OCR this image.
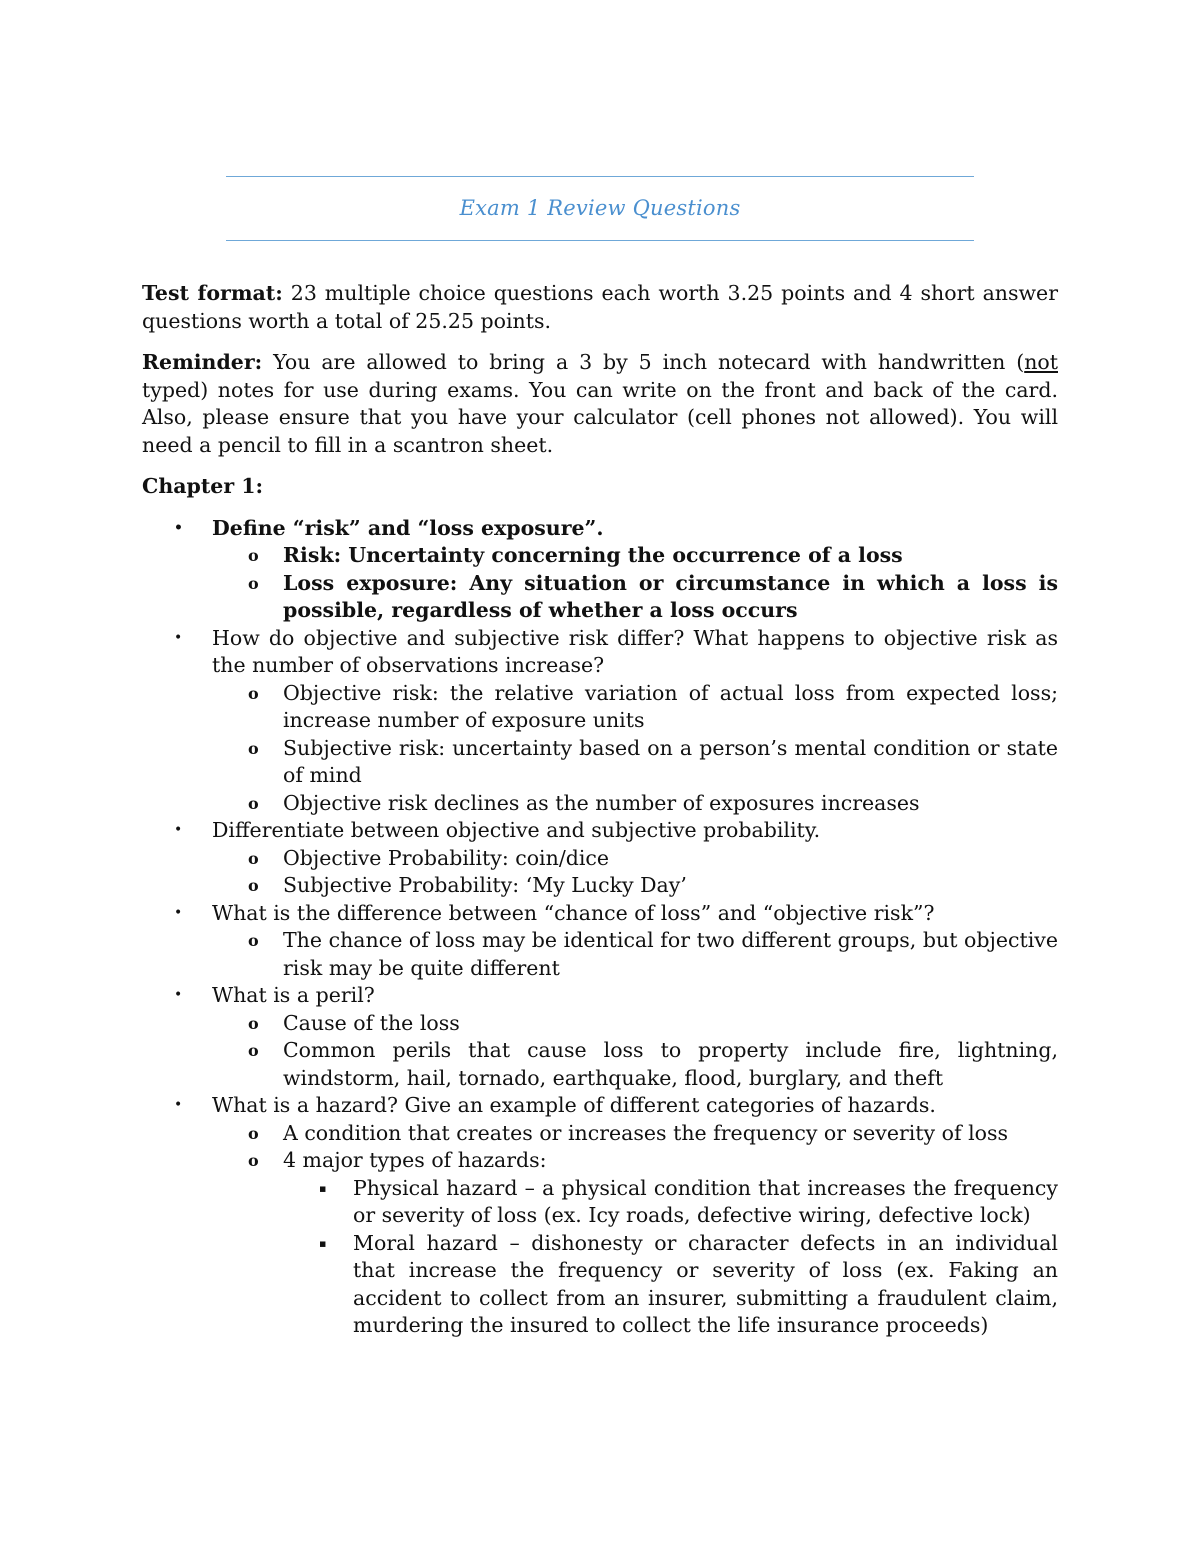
Exam 1 Review Questions

Test format: 23 multiple choice questions each worth 3.25 points and 4 short answer questions worth a total of 25.25 points.

Reminder: You are allowed to bring a 3 by 5 inch notecard with handwritten (not typed) notes for use during exams. You can write on the front and back of the card. Also, please ensure that you have your calculator (cell phones not allowed). You will need a pencil to fill in a scantron sheet.

Chapter 1:
• Define “risk” and “loss exposure”.
o Risk: Uncertainty concerning the occurrence of a loss
o Loss exposure: Any situation or circumstance in which a loss is possible, regardless of whether a loss occurs
• How do objective and subjective risk differ? What happens to objective risk as the number of observations increase?
o Objective risk: the relative variation of actual loss from expected loss; increase number of exposure units
o Subjective risk: uncertainty based on a person’s mental condition or state of mind
o Objective risk declines as the number of exposures increases
• Differentiate between objective and subjective probability.
o Objective Probability: coin/dice
o Subjective Probability: ‘My Lucky Day’
• What is the difference between “chance of loss” and “objective risk”?
o The chance of loss may be identical for two different groups, but objective risk may be quite different
• What is a peril?
o Cause of the loss
o Common perils that cause loss to property include fire, lightning, windstorm, hail, tornado, earthquake, flood, burglary, and theft
• What is a hazard? Give an example of different categories of hazards.
o A condition that creates or increases the frequency or severity of loss
o 4 major types of hazards:
▪ Physical hazard – a physical condition that increases the frequency or severity of loss (ex. Icy roads, defective wiring, defective lock)
▪ Moral hazard – dishonesty or character defects in an individual that increase the frequency or severity of loss (ex. Faking an accident to collect from an insurer, submitting a fraudulent claim, murdering the insured to collect the life insurance proceeds)
